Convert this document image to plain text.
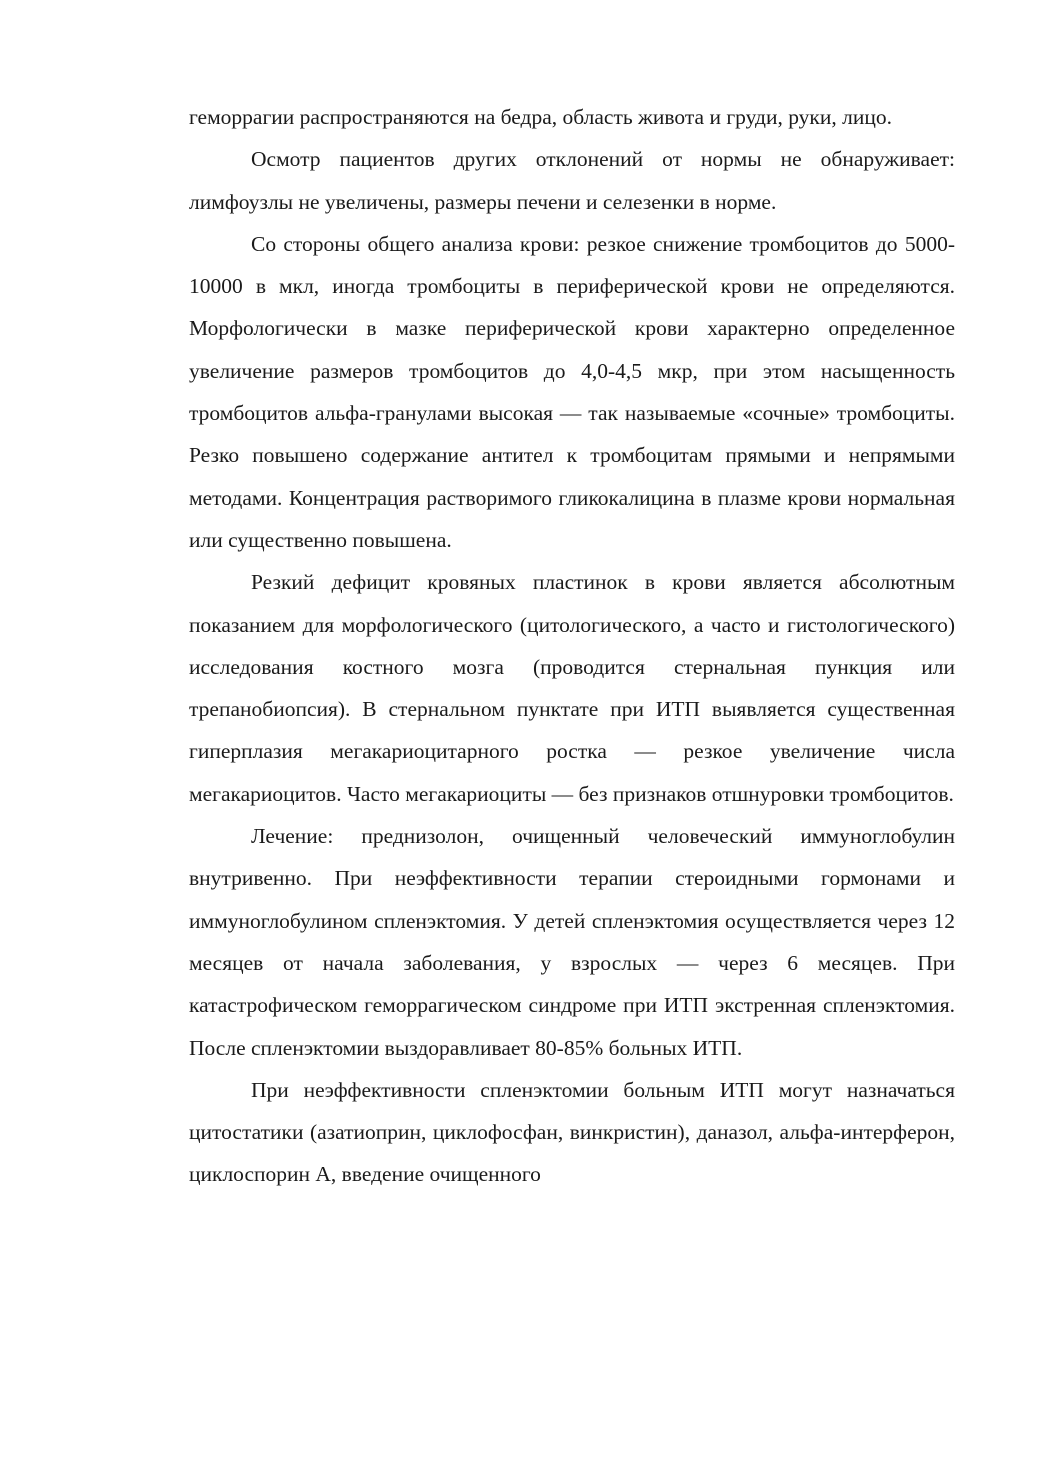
геморрагии распространяются на бедра, область живота и груди, руки, лицо.

Осмотр пациентов других отклонений от нормы не обнаруживает: лимфоузлы не увеличены, размеры печени и селезенки в норме.

Со стороны общего анализа крови: резкое снижение тромбоцитов до 5000-10000 в мкл, иногда тромбоциты в периферической крови не определяются. Морфологически в мазке периферической крови характерно определенное увеличение размеров тромбоцитов до 4,0-4,5 мкр, при этом насыщенность тромбоцитов альфа-гранулами высокая — так называемые «сочные» тромбоциты. Резко повышено содержание антител к тромбоцитам прямыми и непрямыми методами. Концентрация растворимого гликокалицина в плазме крови нормальная или существенно повышена.

Резкий дефицит кровяных пластинок в крови является абсолютным показанием для морфологического (цитологического, а часто и гистологического) исследования костного мозга (проводится стернальная пункция или трепанобиопсия). В стернальном пунктате при ИТП выявляется существенная гиперплазия мегакариоцитарного ростка — резкое увеличение числа мегакариоцитов. Часто мегакариоциты — без признаков отшнуровки тромбоцитов.

Лечение: преднизолон, очищенный человеческий иммуноглобулин внутривенно. При неэффективности терапии стероидными гормонами и иммуноглобулином спленэктомия. У детей спленэктомия осуществляется через 12 месяцев от начала заболевания, у взрослых — через 6 месяцев. При катастрофическом геморрагическом синдроме при ИТП экстренная спленэктомия. После спленэктомии выздоравливает 80-85% больных ИТП.

При неэффективности спленэктомии больным ИТП могут назначаться цитостатики (азатиоприн, циклофосфан, винкристин), даназол, альфа-интерферон, циклоспорин А, введение очищенного
